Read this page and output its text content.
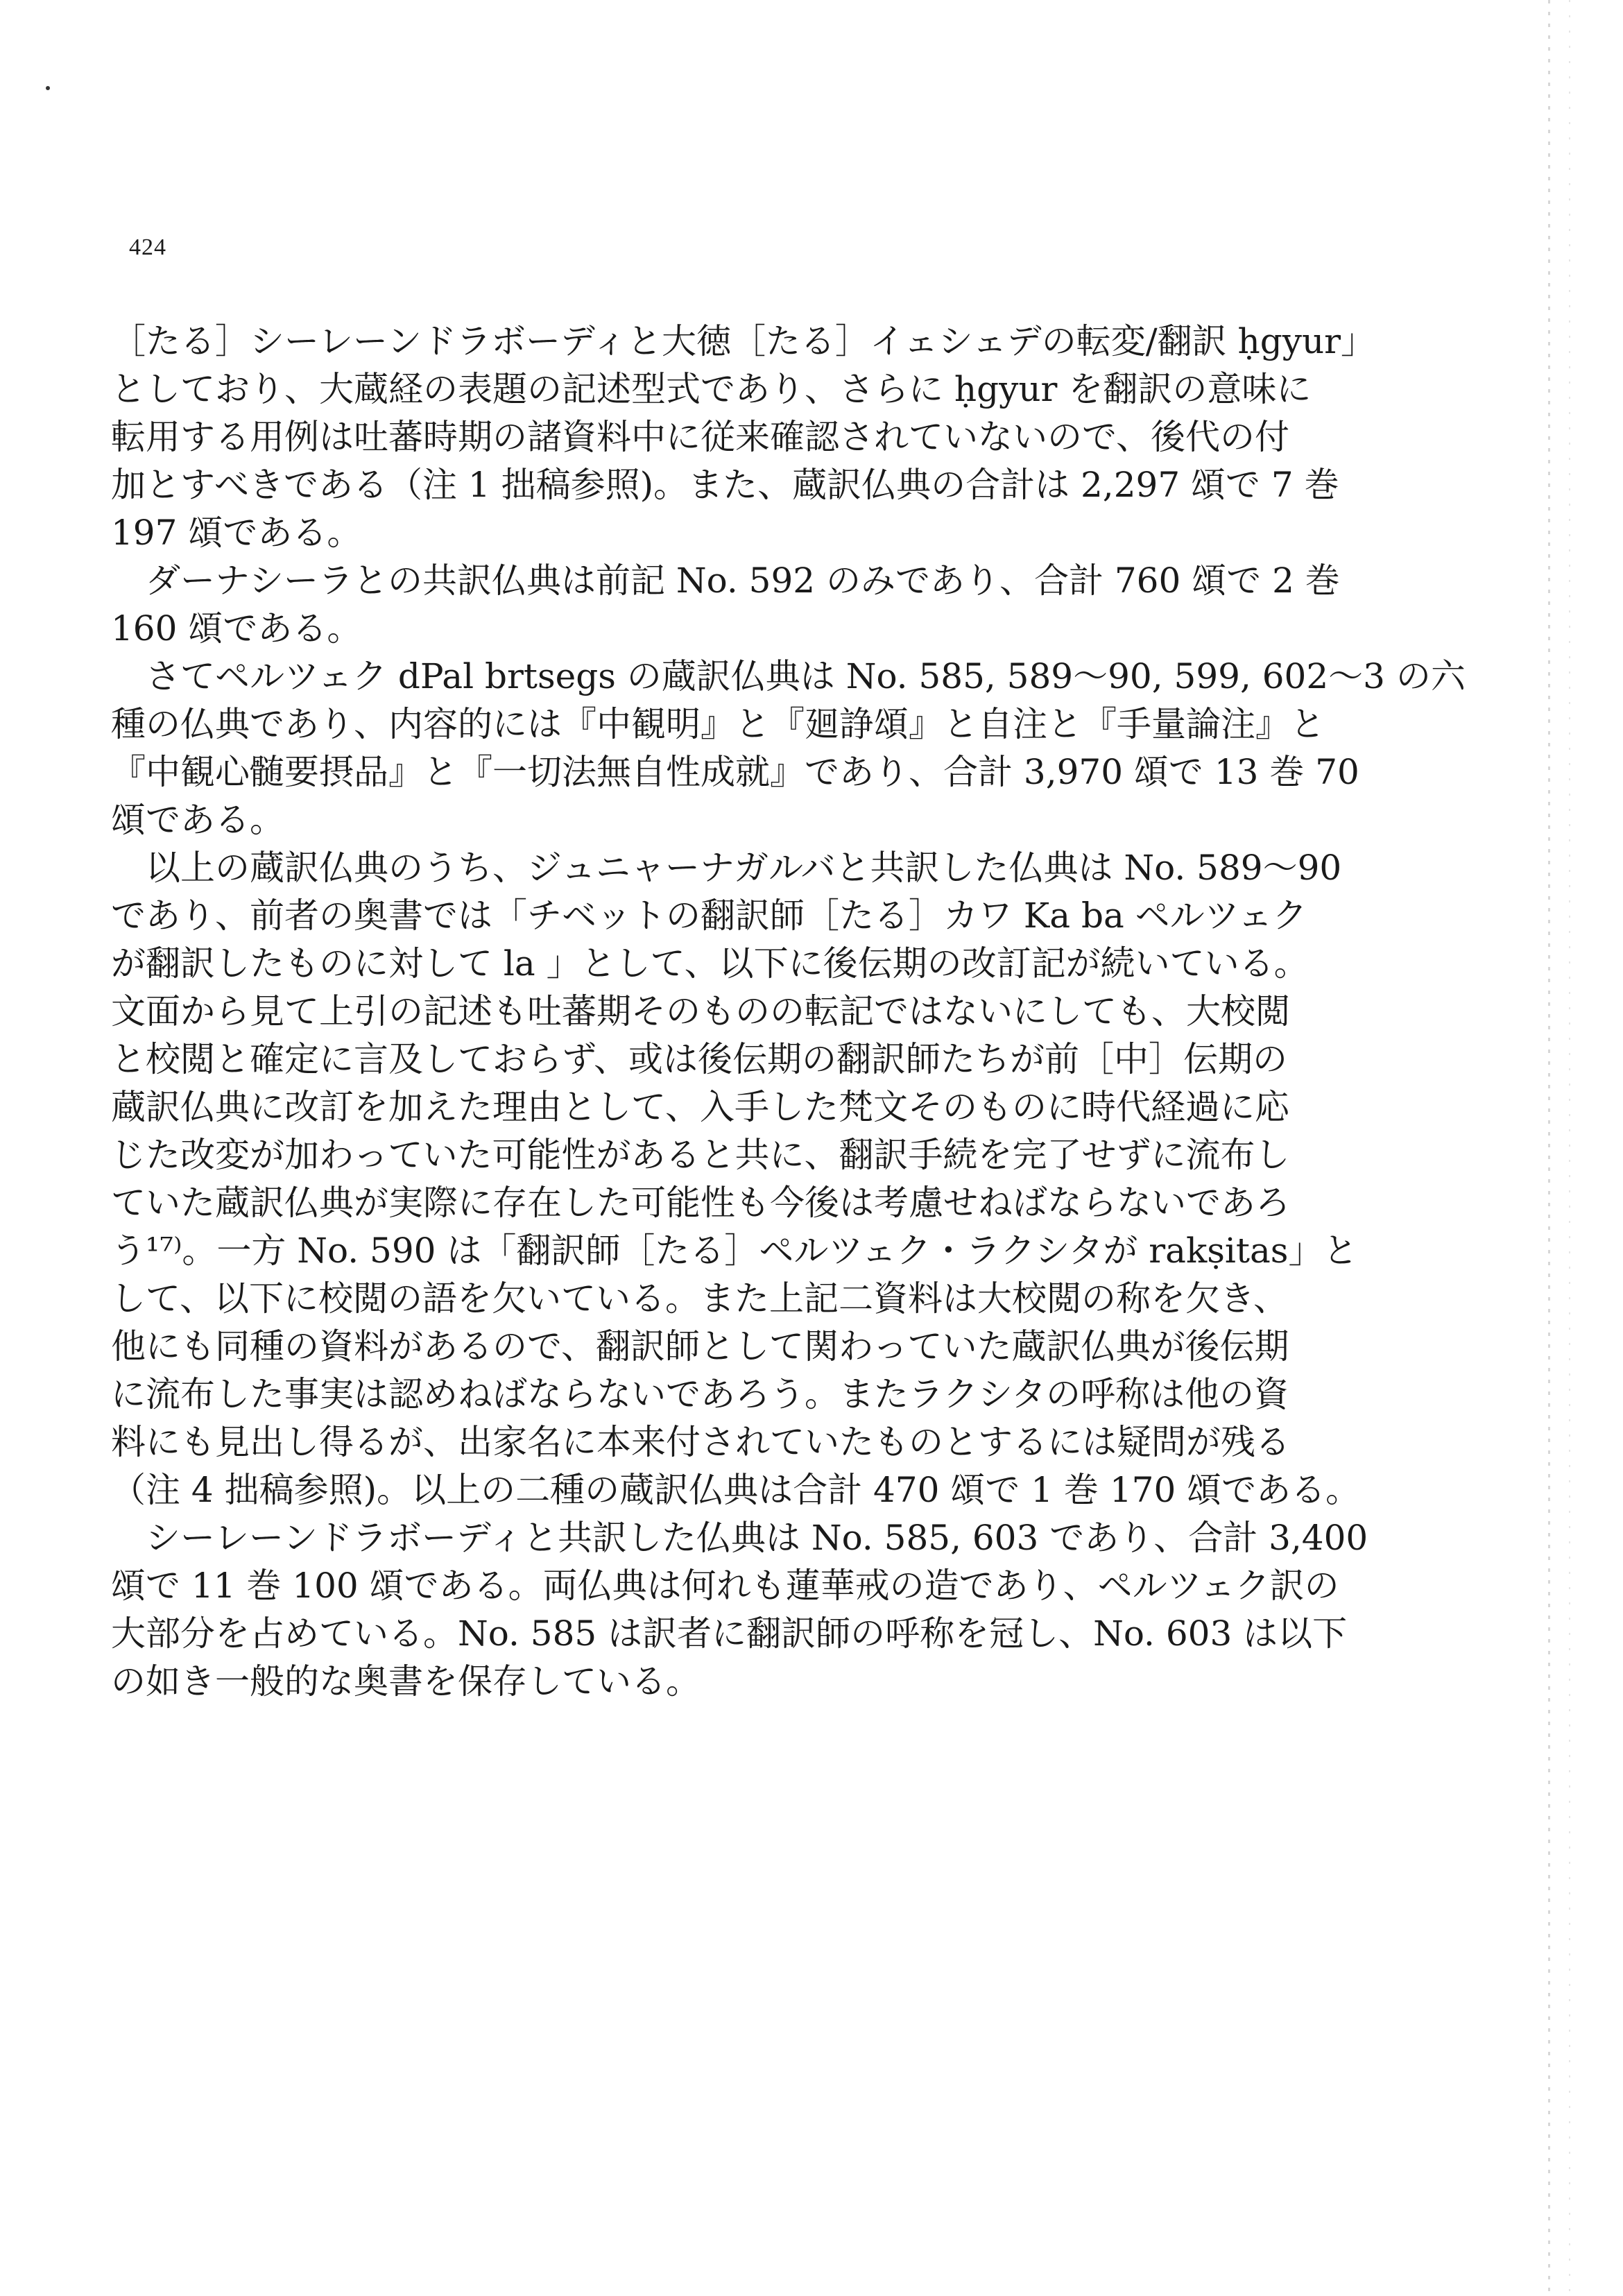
424
［たる］シーレーンドラボーディと大徳［たる］イェシェデの転変/翻訳 ḥgyur」
としており、大蔵経の表題の記述型式であり、さらに ḥgyur を翻訳の意味に
転用する用例は吐蕃時期の諸資料中に従来確認されていないので、後代の付
加とすべきである（注 1 拙稿参照)。また、蔵訳仏典の合計は 2,297 頌で 7 巻
197 頌である。
　ダーナシーラとの共訳仏典は前記 No. 592 のみであり、合計 760 頌で 2 巻
160 頌である。
　さてペルツェク dPal brtsegs の蔵訳仏典は No. 585, 589〜90, 599, 602〜3 の六
種の仏典であり、内容的には『中観明』と『廻諍頌』と自注と『手量論注』と
『中観心髄要摂品』と『一切法無自性成就』であり、合計 3,970 頌で 13 巻 70
頌である。
　以上の蔵訳仏典のうち、ジュニャーナガルバと共訳した仏典は No. 589〜90
であり、前者の奥書では「チベットの翻訳師［たる］カワ Ka ba ペルツェク
が翻訳したものに対して la 」として、以下に後伝期の改訂記が続いている。
文面から見て上引の記述も吐蕃期そのものの転記ではないにしても、大校閲
と校閲と確定に言及しておらず、或は後伝期の翻訳師たちが前［中］伝期の
蔵訳仏典に改訂を加えた理由として、入手した梵文そのものに時代経過に応
じた改変が加わっていた可能性があると共に、翻訳手続を完了せずに流布し
ていた蔵訳仏典が実際に存在した可能性も今後は考慮せねばならないであろ
う¹⁷⁾。一方 No. 590 は「翻訳師［たる］ペルツェク・ラクシタが rakṣitas」と
して、以下に校閲の語を欠いている。また上記二資料は大校閲の称を欠き、
他にも同種の資料があるので、翻訳師として関わっていた蔵訳仏典が後伝期
に流布した事実は認めねばならないであろう。またラクシタの呼称は他の資
料にも見出し得るが、出家名に本来付されていたものとするには疑問が残る
（注 4 拙稿参照)。以上の二種の蔵訳仏典は合計 470 頌で 1 巻 170 頌である。
　シーレーンドラボーディと共訳した仏典は No. 585, 603 であり、合計 3,400
頌で 11 巻 100 頌である。両仏典は何れも蓮華戒の造であり、ペルツェク訳の
大部分を占めている。No. 585 は訳者に翻訳師の呼称を冠し、No. 603 は以下
の如き一般的な奥書を保存している。
